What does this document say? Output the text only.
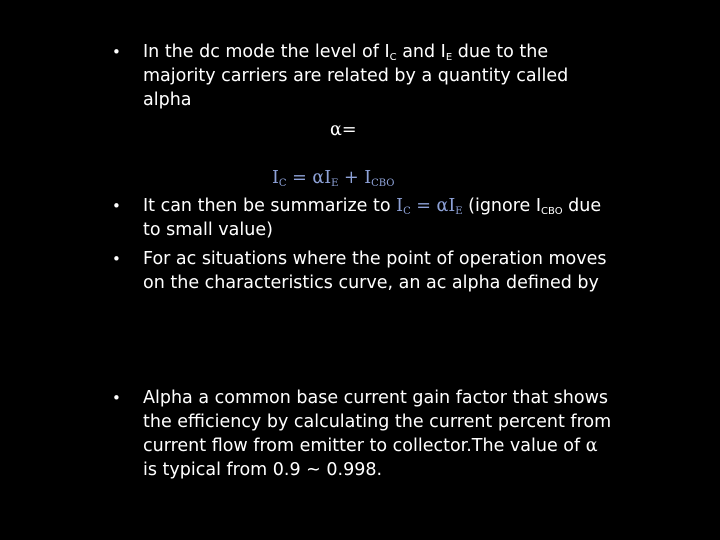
•	In the dc mode the level of $I_C$ and $I_E$ due to the
majority carriers are related by a quantity called
alpha
α=
$I_C = \alpha I_E + I_{CBO}$
•	It can then be summarize to $I_C = \alpha I_E$ (ignore $I_{CBO}$ due
to small value)
•	For ac situations where the point of operation moves
on the characteristics curve, an ac alpha defined by
•	Alpha a common base current gain factor that shows
the efficiency by calculating the current percent from
current flow from emitter to collector.The value of α
is typical from 0.9 ~ 0.998.
